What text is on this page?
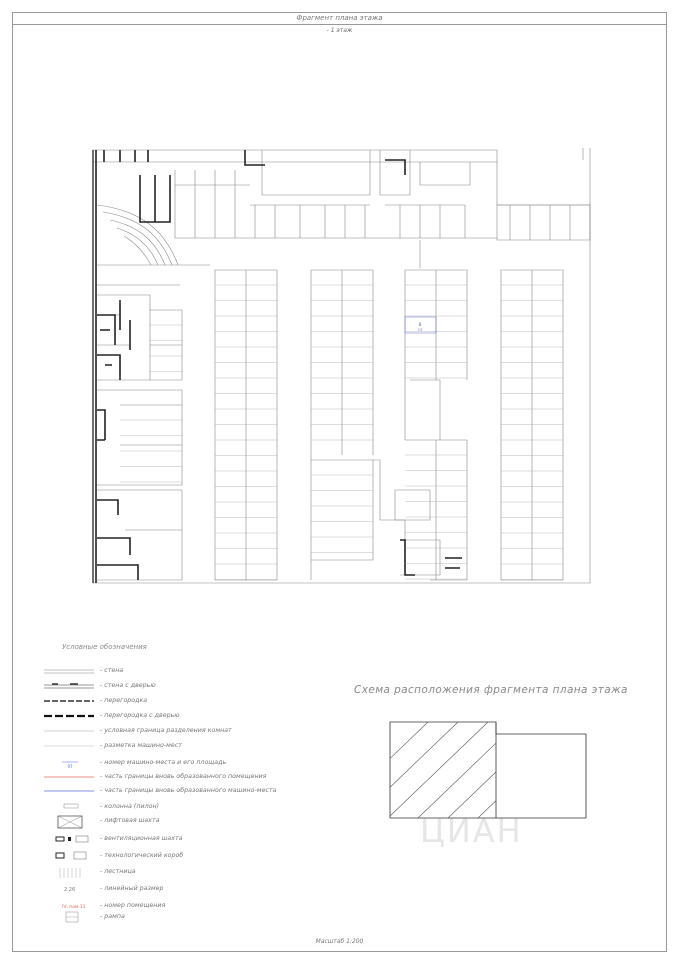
Фрагмент плана этажа
- 1 этаж
8
13
Условные обозначения
- стена
- стена с дверью
- перегородка
- перегородка с дверью
- условная граница разделения комнат
- разметка машино-мест
97
- номер машино-места и его площадь
- часть границы вновь образованного помещения
- часть границы вновь образованного машино-места
- колонна (пилон)
- лифтовая шахта
- вентиляционная шахта
- технологический короб
- лестница
2.26	- линейный размер
IV, пом.11 - номер помещения
- рампа
Схема расположения фрагмента плана этажа
ЦИАН
Масштаб 1:200
